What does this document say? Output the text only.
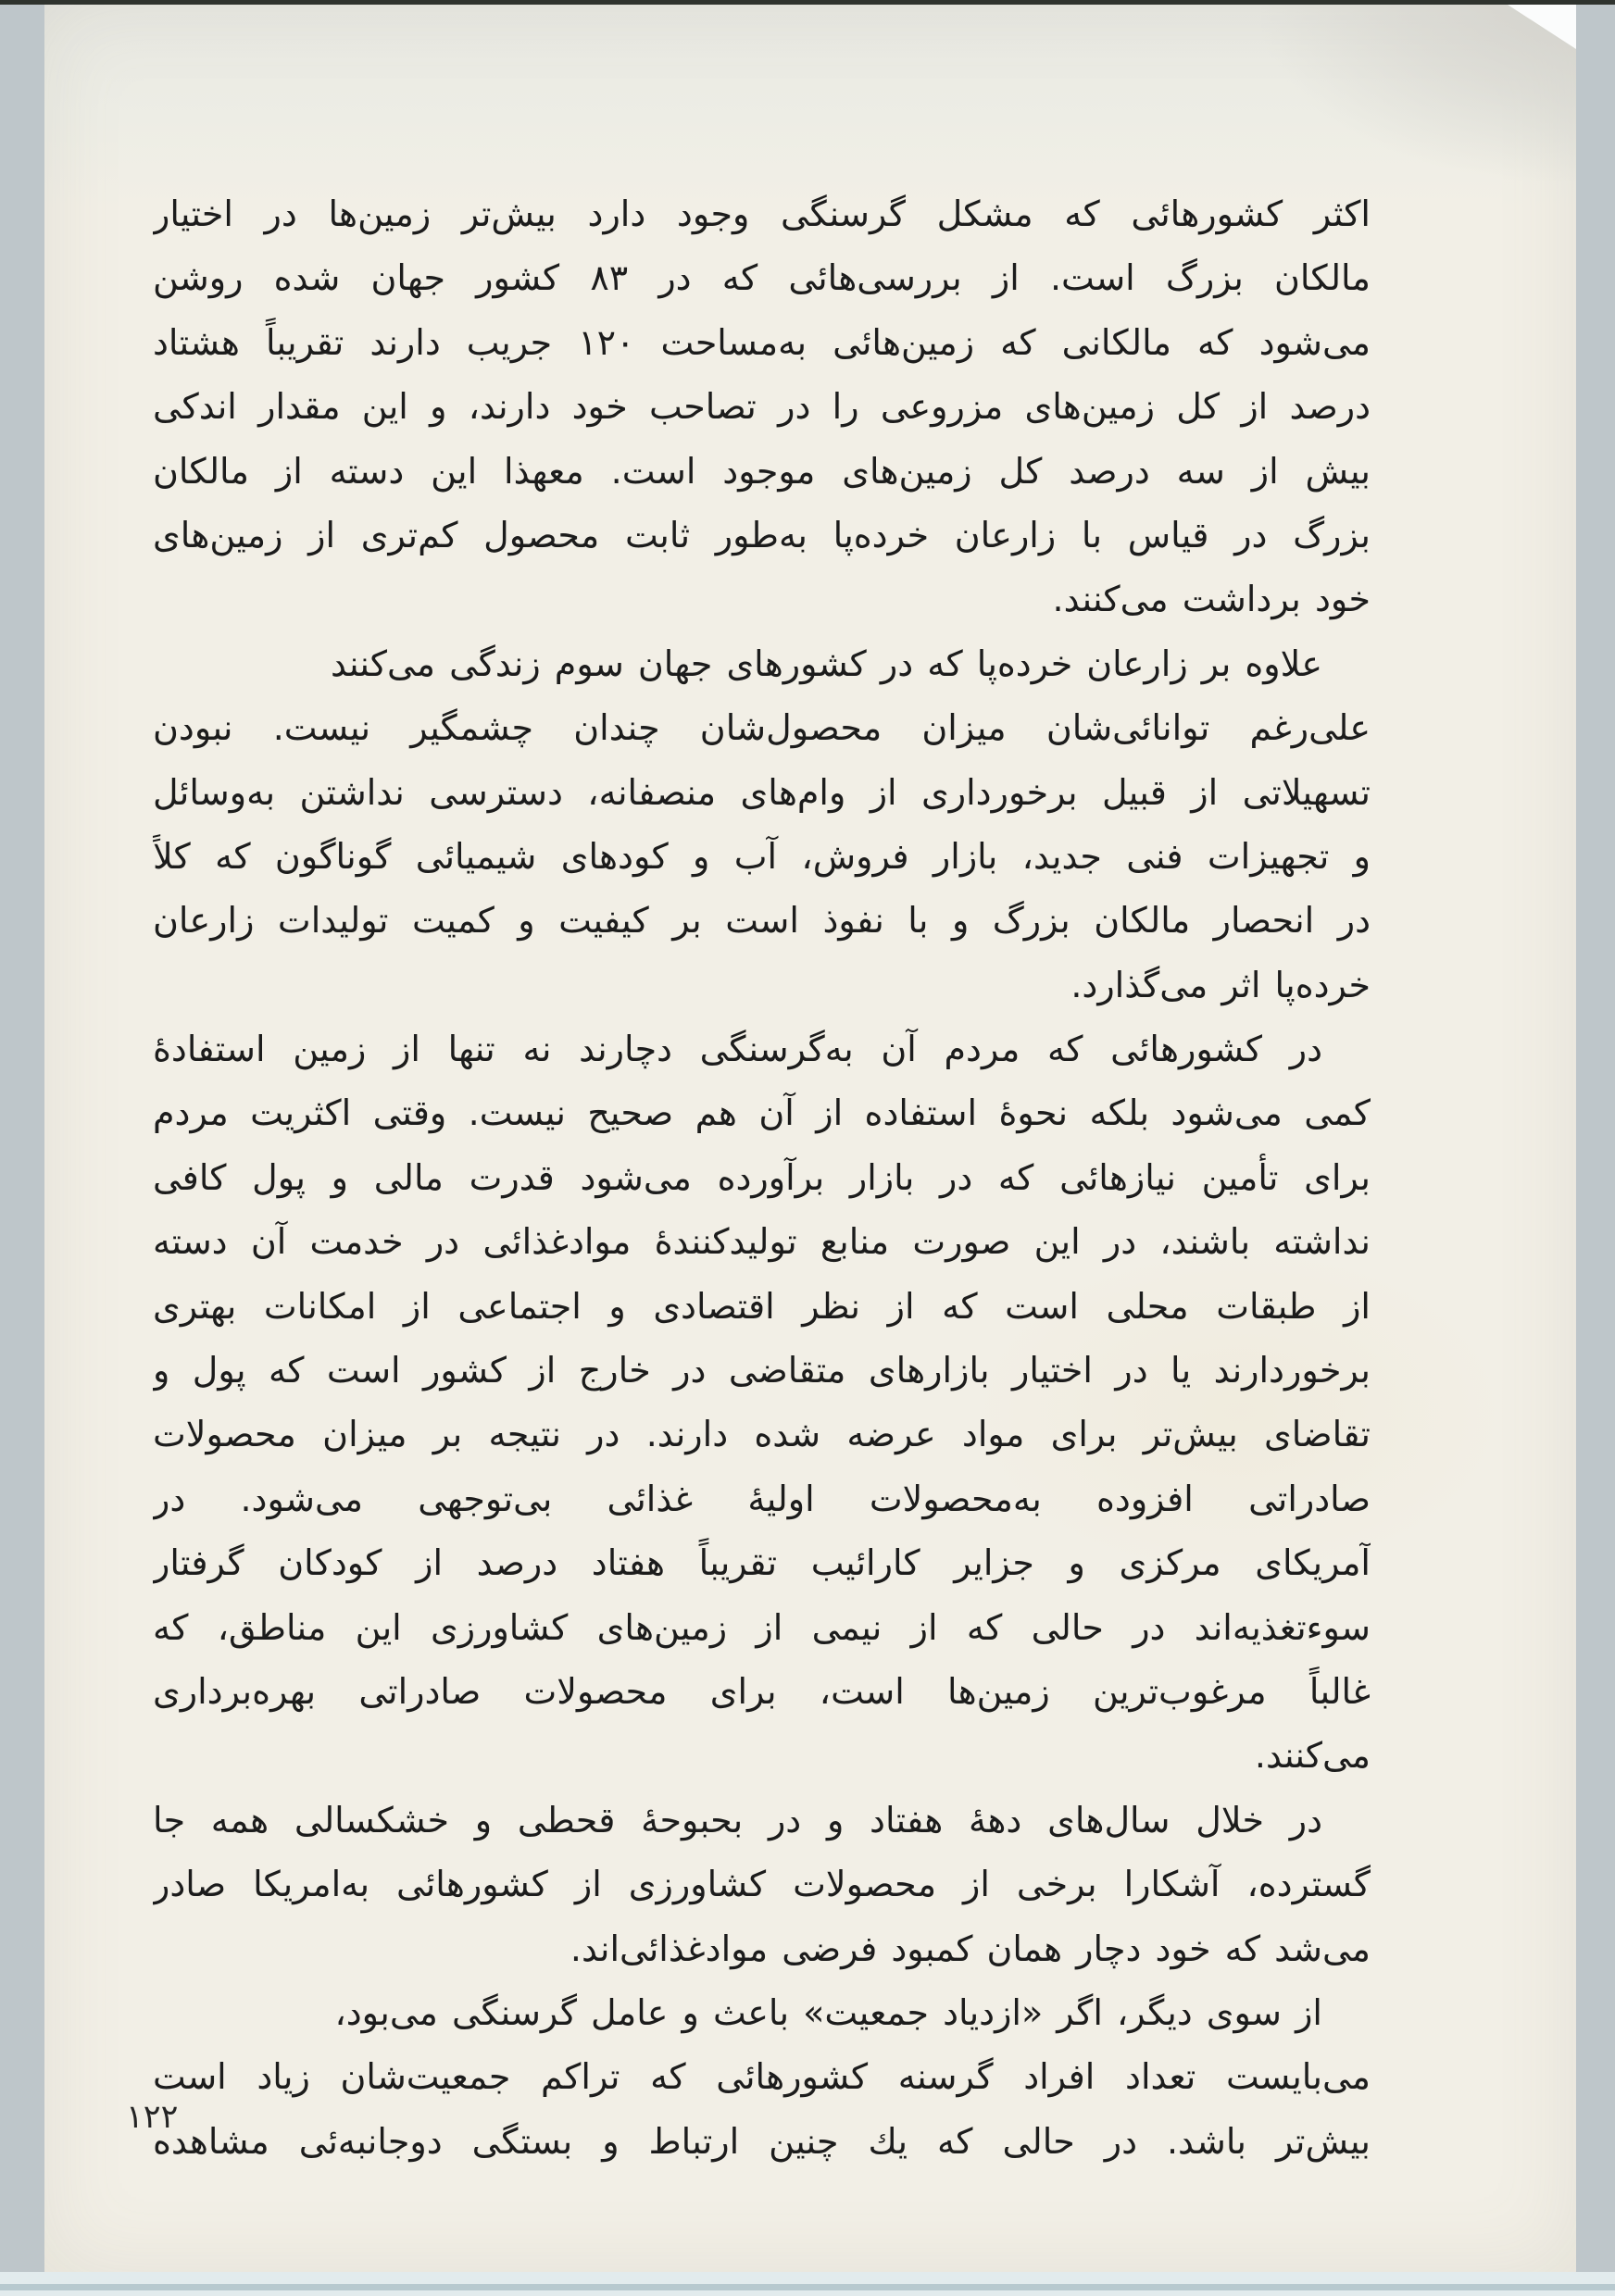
اکثر کشورهائی که مشکل گرسنگی وجود دارد بیش‌تر زمین‌ها در اختیار
مالکان بزرگ است. از بررسی‌هائی که در ۸۳ کشور جهان شده روشن
می‌شود که مالکانی که زمین‌هائی به‌مساحت ۱۲۰ جریب دارند تقریباً هشتاد
درصد از کل زمین‌های مزروعی را در تصاحب خود دارند، و این مقدار اندکی
بیش از سه درصد کل زمین‌های موجود است. معهذا این دسته از مالکان
بزرگ در قیاس با زارعان خرده‌پا به‌طور ثابت محصول کم‌تری از زمین‌های
خود برداشت می‌کنند.
علاوه بر زارعان خرده‌پا که در کشورهای جهان سوم زندگی می‌کنند
علی‌رغم توانائی‌شان میزان محصول‌شان چندان چشمگیر نیست. نبودن
تسهیلاتی از قبیل برخورداری از وام‌های منصفانه، دسترسی نداشتن به‌وسائل
و تجهیزات فنی جدید، بازار فروش، آب و کودهای شیمیائی گوناگون که کلاً
در انحصار مالکان بزرگ و با نفوذ است بر کیفیت و کمیت تولیدات زارعان
خرده‌پا اثر می‌گذارد.
در کشورهائی که مردم آن به‌گرسنگی دچارند نه تنها از زمین استفادهٔ
کمی می‌شود بلکه نحوهٔ استفاده از آن هم صحیح نیست. وقتی اکثریت مردم
برای تأمین نیازهائی که در بازار برآورده می‌شود قدرت مالی و پول کافی
نداشته باشند، در این صورت منابع تولیدکنندهٔ موادغذائی در خدمت آن دسته
از طبقات محلی است که از نظر اقتصادی و اجتماعی از امکانات بهتری
برخوردارند یا در اختیار بازارهای متقاضی در خارج از کشور است که پول و
تقاضای بیش‌تر برای مواد عرضه شده دارند. در نتیجه بر میزان محصولات
صادراتی افزوده به‌محصولات اولیهٔ غذائی بی‌توجهی می‌شود. در
آمریکای مرکزی و جزایر کارائیب تقریباً هفتاد درصد از کودکان گرفتار
سوءتغذیه‌اند در حالی که از نیمی از زمین‌های کشاورزی این مناطق، که
غالباً مرغوب‌ترین زمین‌ها است، برای محصولات صادراتی بهره‌برداری
می‌کنند.
در خلال سال‌های دهۀ هفتاد و در بحبوحۀ قحطی و خشکسالی همه جا
گسترده، آشکارا برخی از محصولات کشاورزی از کشورهائی به‌امریکا صادر
می‌شد که خود دچار همان کمبود فرضی موادغذائی‌اند.
از سوی دیگر، اگر «ازدیاد جمعیت» باعث و عامل گرسنگی می‌بود،
می‌بایست تعداد افراد گرسنه کشورهائی که تراکم جمعیت‌شان زیاد است
بیش‌تر باشد. در حالی که یك چنین ارتباط و بستگی دوجانبه‌ئی مشاهده
۱۲۲
